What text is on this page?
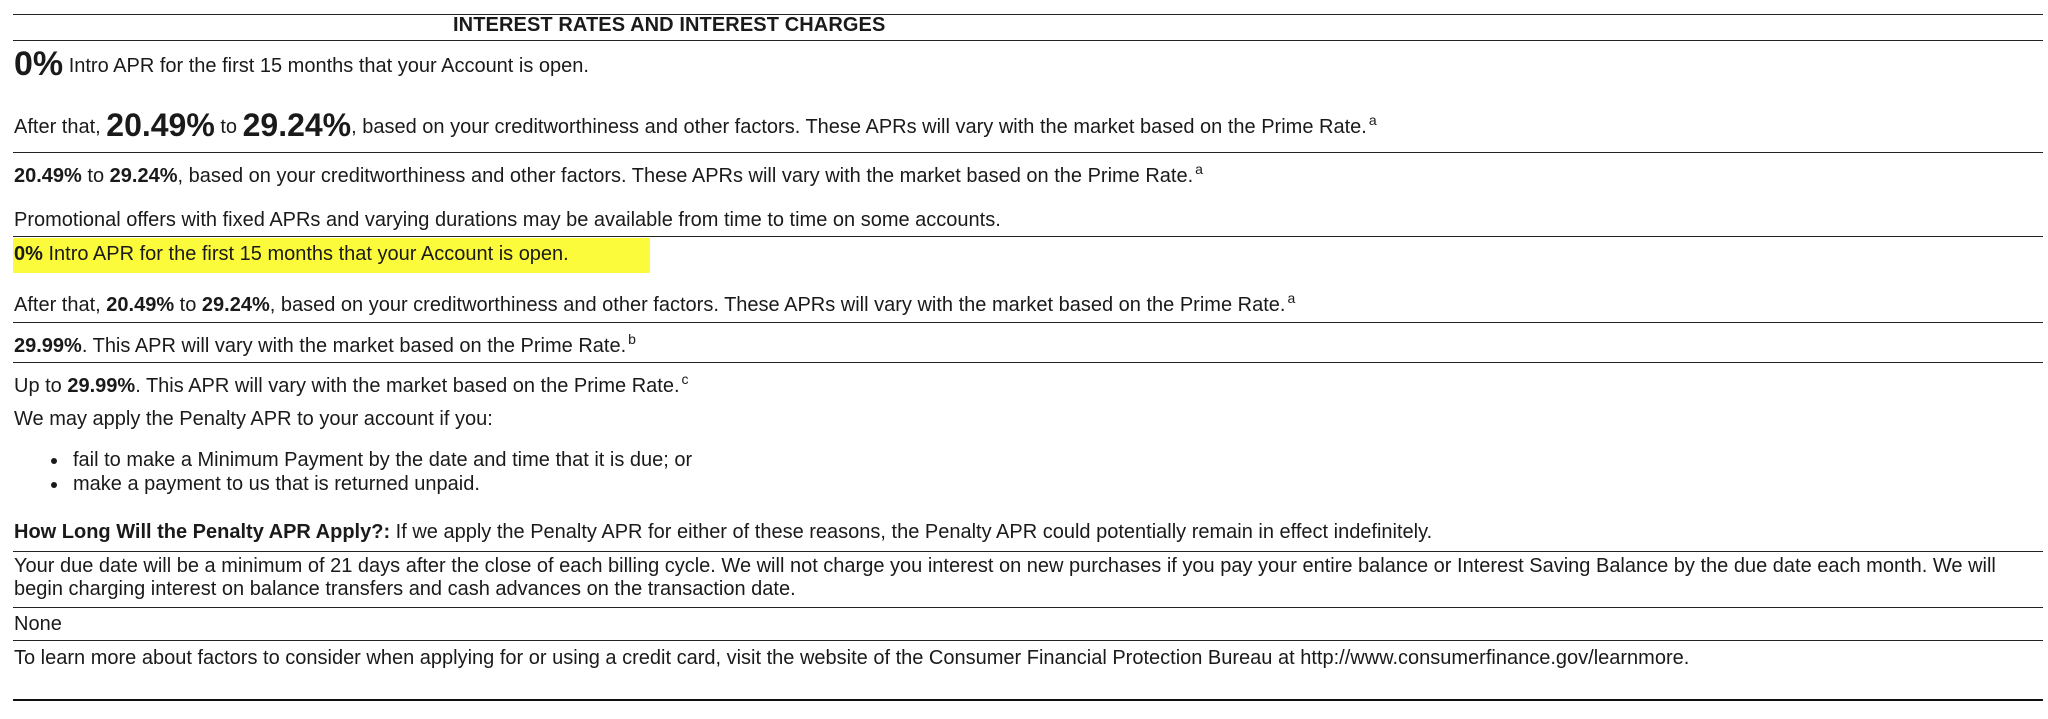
INTEREST RATES AND INTEREST CHARGES
0% Intro APR for the first 15 months that your Account is open.
After that, 20.49% to 29.24%, based on your creditworthiness and other factors. These APRs will vary with the market based on the Prime Rate. $^a$
20.49% to 29.24%, based on your creditworthiness and other factors. These APRs will vary with the market based on the Prime Rate. $^a$
Promotional offers with fixed APRs and varying durations may be available from time to time on some accounts.
0% Intro APR for the first 15 months that your Account is open.
After that, 20.49% to 29.24%, based on your creditworthiness and other factors. These APRs will vary with the market based on the Prime Rate. $^a$
29.99%. This APR will vary with the market based on the Prime Rate. $^b$
Up to 29.99%. This APR will vary with the market based on the Prime Rate. $^c$
We may apply the Penalty APR to your account if you:
fail to make a Minimum Payment by the date and time that it is due; or
make a payment to us that is returned unpaid.
How Long Will the Penalty APR Apply?: If we apply the Penalty APR for either of these reasons, the Penalty APR could potentially remain in effect indefinitely.
Your due date will be a minimum of 21 days after the close of each billing cycle. We will not charge you interest on new purchases if you pay your entire balance or Interest Saving Balance by the due date each month. We will begin charging interest on balance transfers and cash advances on the transaction date.
None
To learn more about factors to consider when applying for or using a credit card, visit the website of the Consumer Financial Protection Bureau at http://www.consumerfinance.gov/learnmore.
